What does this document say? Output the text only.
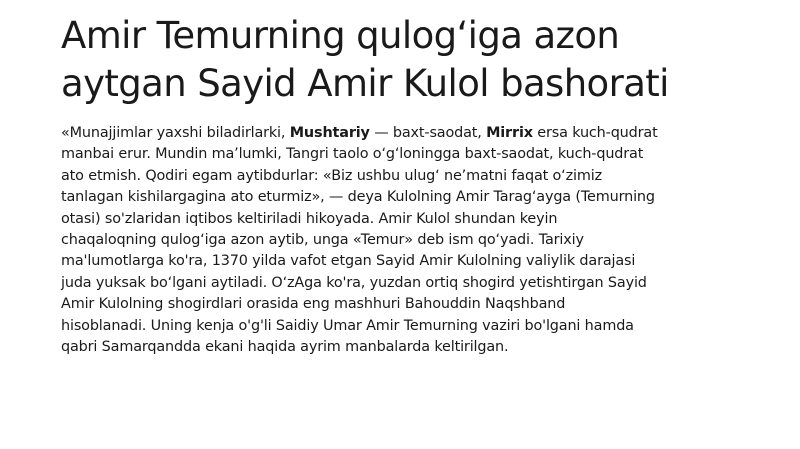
Amir Temurning qulog‘iga azon
aytgan Sayid Amir Kulol bashorati
«Munajjimlar yaxshi biladirlarki, Mushtariy — baxt-saodat, Mirrix ersa kuch-qudrat
manbai erur. Mundin ma’lumki, Tangri taolo o‘g‘loningga baxt-saodat, kuch-qudrat
ato etmish. Qodiri egam aytibdurlar: «Biz ushbu ulug‘ ne’matni faqat o‘zimiz
tanlagan kishilargagina ato eturmiz», — deya Kulolning Amir Tarag‘ayga (Temurning
otasi) so'zlaridan iqtibos keltiriladi hikoyada. Amir Kulol shundan keyin
chaqaloqning qulog‘iga azon aytib, unga «Temur» deb ism qo‘yadi. Tarixiy
ma'lumotlarga ko'ra, 1370 yilda vafot etgan Sayid Amir Kulolning valiylik darajasi
juda yuksak bo‘lgani aytiladi. O‘zAga ko'ra, yuzdan ortiq shogird yetishtirgan Sayid
Amir Kulolning shogirdlari orasida eng mashhuri Bahouddin Naqshband
hisoblanadi. Uning kenja o'g'li Saidiy Umar Amir Temurning vaziri bo'lgani hamda
qabri Samarqandda ekani haqida ayrim manbalarda keltirilgan.
